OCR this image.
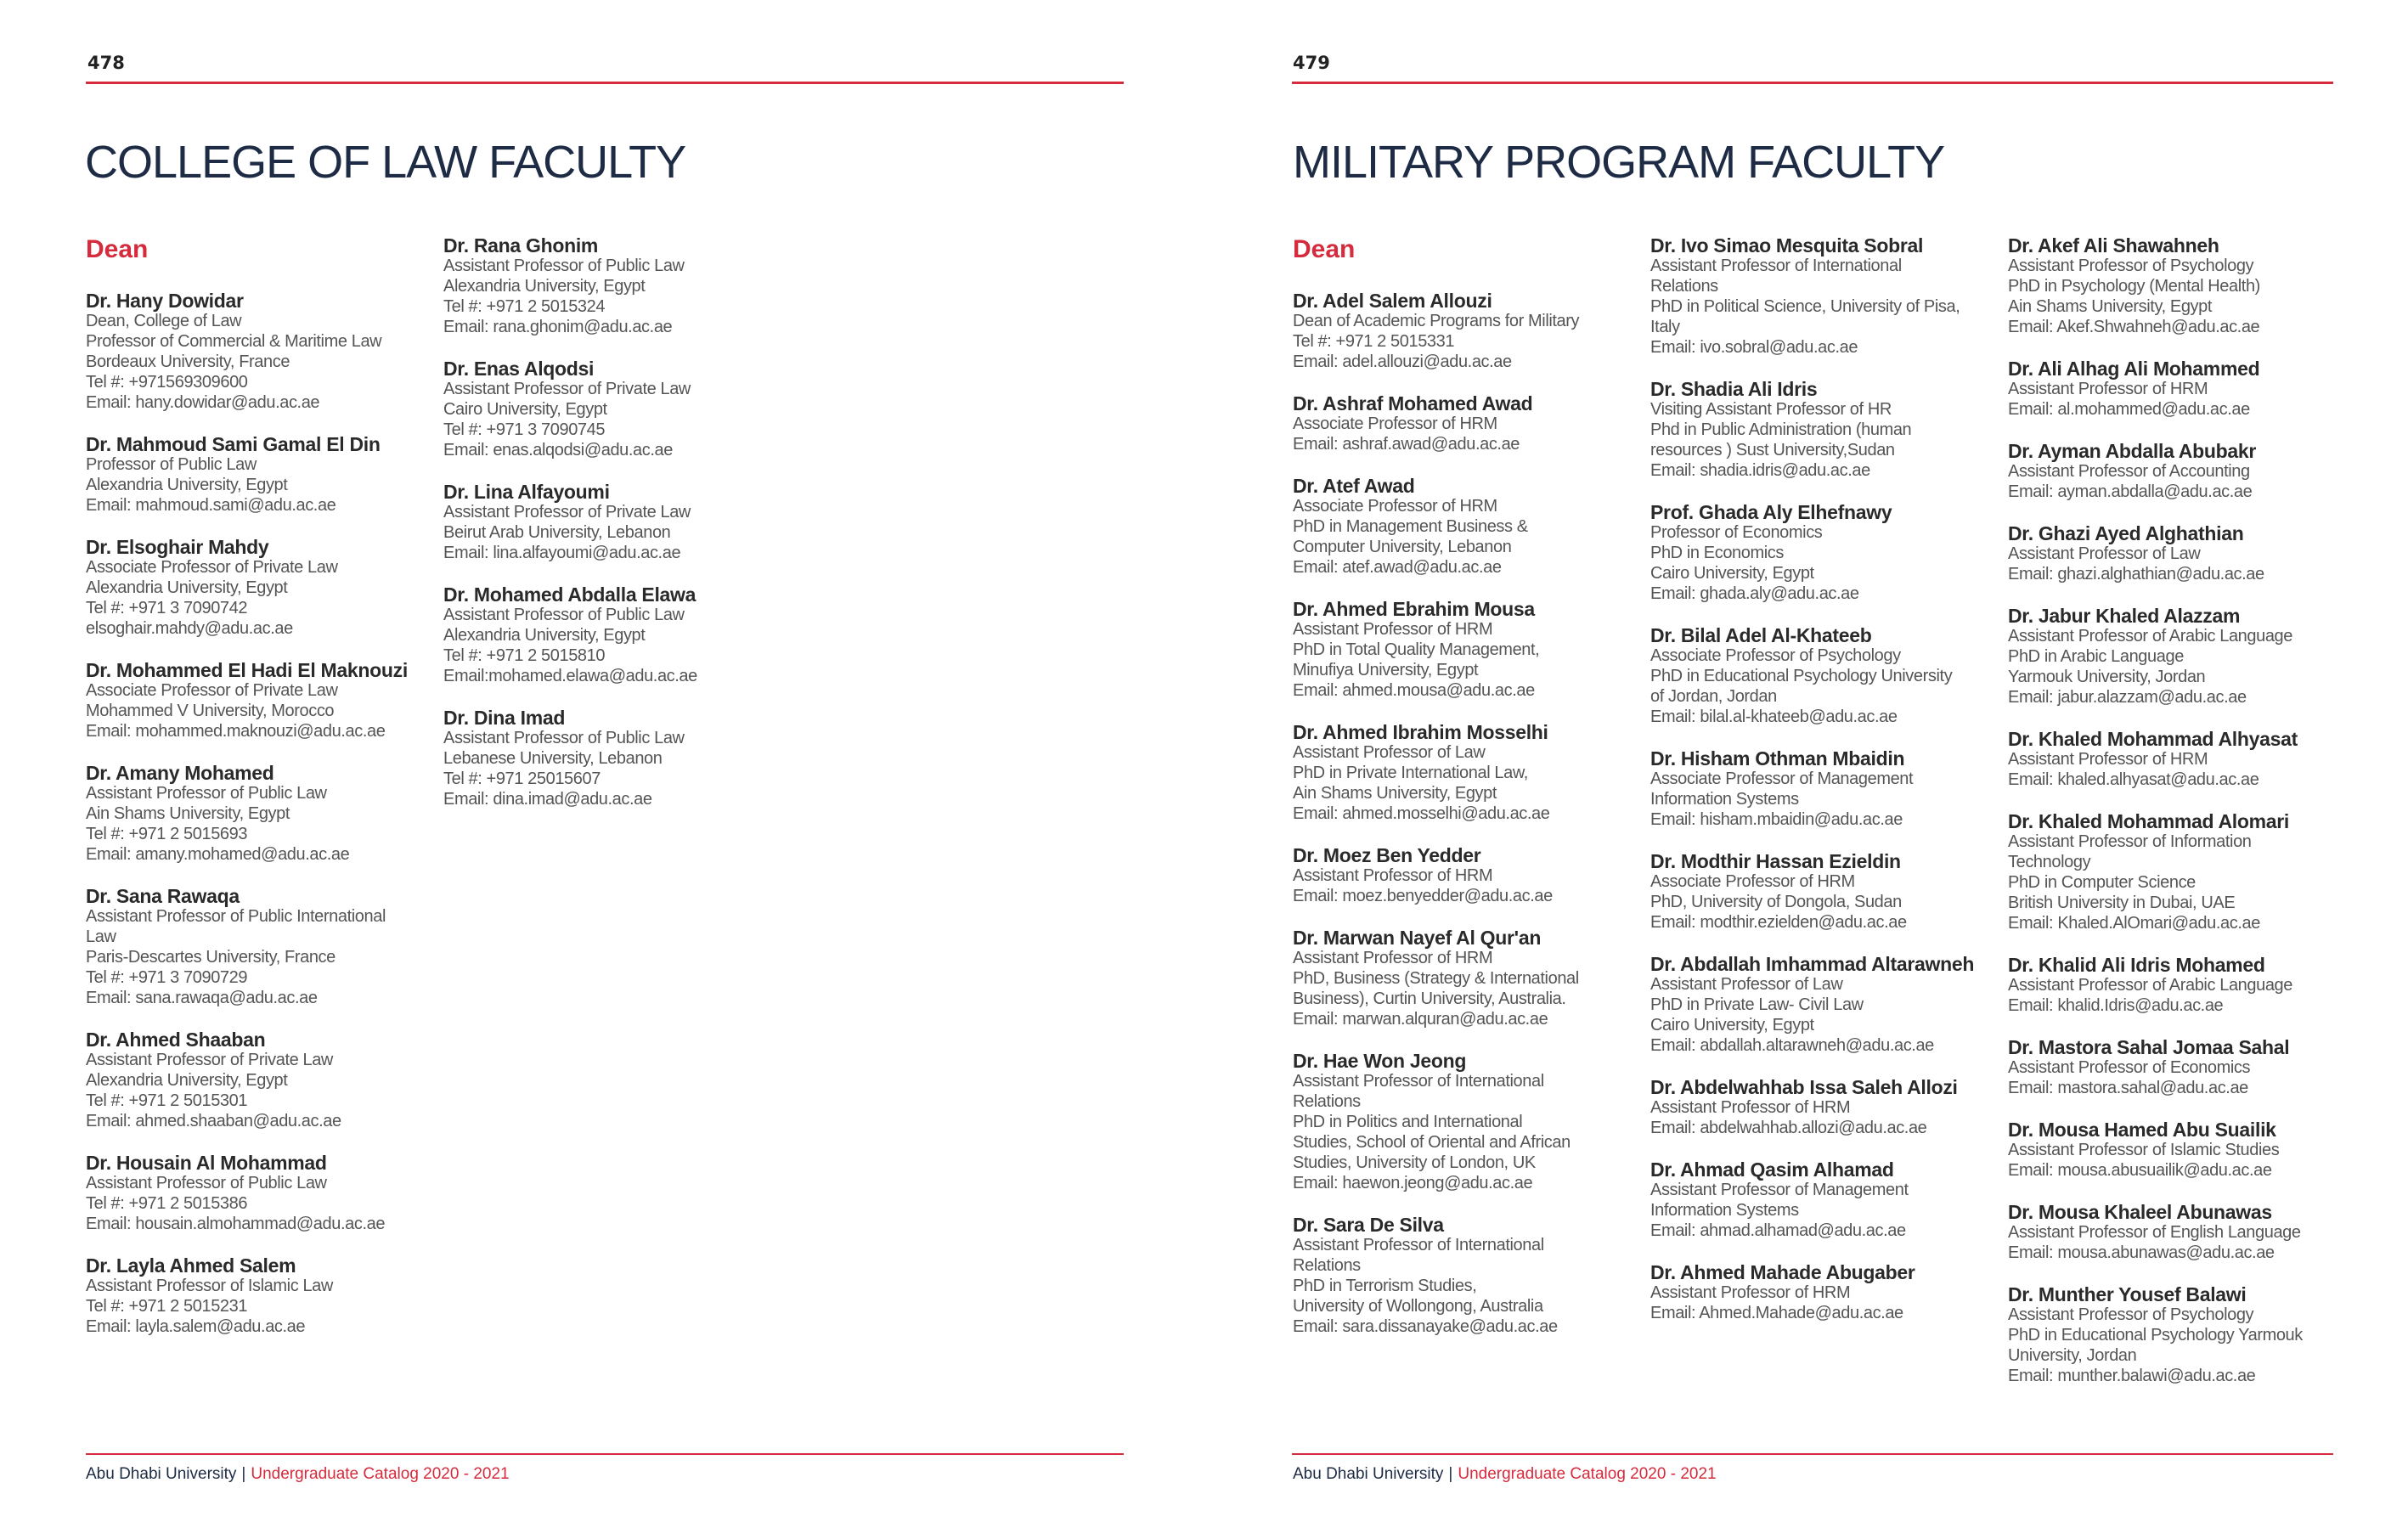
478
COLLEGE OF LAW FACULTY
Dean
Dr. Hany Dowidar
Dean, College of Law
Professor of Commercial & Maritime Law
Bordeaux University, France
Tel #: +971569309600
Email: hany.dowidar@adu.ac.ae
Dr. Mahmoud Sami Gamal El Din
Professor of Public Law
Alexandria University, Egypt
Email: mahmoud.sami@adu.ac.ae
Dr. Elsoghair Mahdy
Associate Professor of Private Law
Alexandria University, Egypt
Tel #: +971 3 7090742
elsoghair.mahdy@adu.ac.ae
Dr. Mohammed El Hadi El Maknouzi
Associate Professor of Private Law
Mohammed V University, Morocco
Email: mohammed.maknouzi@adu.ac.ae
Dr. Amany Mohamed
Assistant Professor of Public Law
Ain Shams University, Egypt
Tel #: +971 2 5015693
Email: amany.mohamed@adu.ac.ae
Dr. Sana Rawaqa
Assistant Professor of Public International
Law
Paris-Descartes University, France
Tel #: +971 3 7090729
Email: sana.rawaqa@adu.ac.ae
Dr. Ahmed Shaaban
Assistant Professor of Private Law
Alexandria University, Egypt
Tel #: +971 2 5015301
Email: ahmed.shaaban@adu.ac.ae
Dr. Housain Al Mohammad
Assistant Professor of Public Law
Tel #: +971 2 5015386
Email: housain.almohammad@adu.ac.ae
Dr. Layla Ahmed Salem
Assistant Professor of Islamic Law
Tel #: +971 2 5015231
Email: layla.salem@adu.ac.ae
Dr. Rana Ghonim
Assistant Professor of Public Law
Alexandria University, Egypt
Tel #: +971 2 5015324
Email: rana.ghonim@adu.ac.ae
Dr. Enas Alqodsi
Assistant Professor of Private Law
Cairo University, Egypt
Tel #: +971 3 7090745
Email: enas.alqodsi@adu.ac.ae
Dr. Lina Alfayoumi
Assistant Professor of Private Law
Beirut Arab University, Lebanon
Email: lina.alfayoumi@adu.ac.ae
Dr. Mohamed Abdalla Elawa
Assistant Professor of Public Law
Alexandria University, Egypt
Tel #: +971 2 5015810
Email:mohamed.elawa@adu.ac.ae
Dr. Dina Imad
Assistant Professor of Public Law
Lebanese University, Lebanon
Tel #: +971 25015607
Email: dina.imad@adu.ac.ae
Abu Dhabi University | Undergraduate Catalog 2020 - 2021
479
MILITARY PROGRAM FACULTY
Dean
Dr. Adel Salem Allouzi
Dean of Academic Programs for Military
Tel #: +971 2 5015331
Email: adel.allouzi@adu.ac.ae
Dr. Ashraf Mohamed Awad
Associate Professor of HRM
Email: ashraf.awad@adu.ac.ae
Dr. Atef Awad
Associate Professor of HRM
PhD in Management Business &
Computer University, Lebanon
Email: atef.awad@adu.ac.ae
Dr. Ahmed Ebrahim Mousa
Assistant Professor of HRM
PhD in Total Quality Management,
Minufiya University, Egypt
Email: ahmed.mousa@adu.ac.ae
Dr. Ahmed Ibrahim Mosselhi
Assistant Professor of Law
PhD in Private International Law,
Ain Shams University, Egypt
Email: ahmed.mosselhi@adu.ac.ae
Dr. Moez Ben Yedder
Assistant Professor of HRM
Email: moez.benyedder@adu.ac.ae
Dr. Marwan Nayef Al Qur'an
Assistant Professor of HRM
PhD, Business (Strategy & International
Business), Curtin University, Australia.
Email: marwan.alquran@adu.ac.ae
Dr. Hae Won Jeong
Assistant Professor of International
Relations
PhD in Politics and International
Studies, School of Oriental and African
Studies, University of London, UK
Email: haewon.jeong@adu.ac.ae
Dr. Sara De Silva
Assistant Professor of International
Relations
PhD in Terrorism Studies,
University of Wollongong, Australia
Email: sara.dissanayake@adu.ac.ae
Dr. Ivo Simao Mesquita Sobral
Assistant Professor of International
Relations
PhD in Political Science, University of Pisa,
Italy
Email: ivo.sobral@adu.ac.ae
Dr. Shadia Ali Idris
Visiting Assistant Professor of HR
Phd in Public Administration (human
resources ) Sust University,Sudan
Email: shadia.idris@adu.ac.ae
Prof. Ghada Aly Elhefnawy
Professor of Economics
PhD in Economics
Cairo University, Egypt
Email: ghada.aly@adu.ac.ae
Dr. Bilal Adel Al-Khateeb
Associate Professor of Psychology
PhD in Educational Psychology University
of Jordan, Jordan
Email: bilal.al-khateeb@adu.ac.ae
Dr. Hisham Othman Mbaidin
Associate Professor of Management
Information Systems
Email: hisham.mbaidin@adu.ac.ae
Dr. Modthir Hassan Ezieldin
Associate Professor of HRM
PhD, University of Dongola, Sudan
Email: modthir.ezielden@adu.ac.ae
Dr. Abdallah Imhammad Altarawneh
Assistant Professor of Law
PhD in Private Law- Civil Law
Cairo University, Egypt
Email: abdallah.altarawneh@adu.ac.ae
Dr. Abdelwahhab Issa Saleh Allozi
Assistant Professor of HRM
Email: abdelwahhab.allozi@adu.ac.ae
Dr. Ahmad Qasim Alhamad
Assistant Professor of Management
Information Systems
Email: ahmad.alhamad@adu.ac.ae
Dr. Ahmed Mahade Abugaber
Assistant Professor of HRM
Email: Ahmed.Mahade@adu.ac.ae
Dr. Akef Ali Shawahneh
Assistant Professor of Psychology
PhD in Psychology (Mental Health)
Ain Shams University, Egypt
Email: Akef.Shwahneh@adu.ac.ae
Dr. Ali Alhag Ali Mohammed
Assistant Professor of HRM
Email: al.mohammed@adu.ac.ae
Dr. Ayman Abdalla Abubakr
Assistant Professor of Accounting
Email: ayman.abdalla@adu.ac.ae
Dr. Ghazi Ayed Alghathian
Assistant Professor of Law
Email: ghazi.alghathian@adu.ac.ae
Dr. Jabur Khaled Alazzam
Assistant Professor of Arabic Language
PhD in Arabic Language
Yarmouk University, Jordan
Email: jabur.alazzam@adu.ac.ae
Dr. Khaled Mohammad Alhyasat
Assistant Professor of HRM
Email: khaled.alhyasat@adu.ac.ae
Dr. Khaled Mohammad Alomari
Assistant Professor of Information
Technology
PhD in Computer Science
British University in Dubai, UAE
Email: Khaled.AlOmari@adu.ac.ae
Dr. Khalid Ali Idris Mohamed
Assistant Professor of Arabic Language
Email: khalid.Idris@adu.ac.ae
Dr. Mastora Sahal Jomaa Sahal
Assistant Professor of Economics
Email: mastora.sahal@adu.ac.ae
Dr. Mousa Hamed Abu Suailik
Assistant Professor of Islamic Studies
Email: mousa.abusuailik@adu.ac.ae
Dr. Mousa Khaleel Abunawas
Assistant Professor of English Language
Email: mousa.abunawas@adu.ac.ae
Dr. Munther Yousef Balawi
Assistant Professor of Psychology
PhD in Educational Psychology Yarmouk
University, Jordan
Email: munther.balawi@adu.ac.ae
Abu Dhabi University | Undergraduate Catalog 2020 - 2021
